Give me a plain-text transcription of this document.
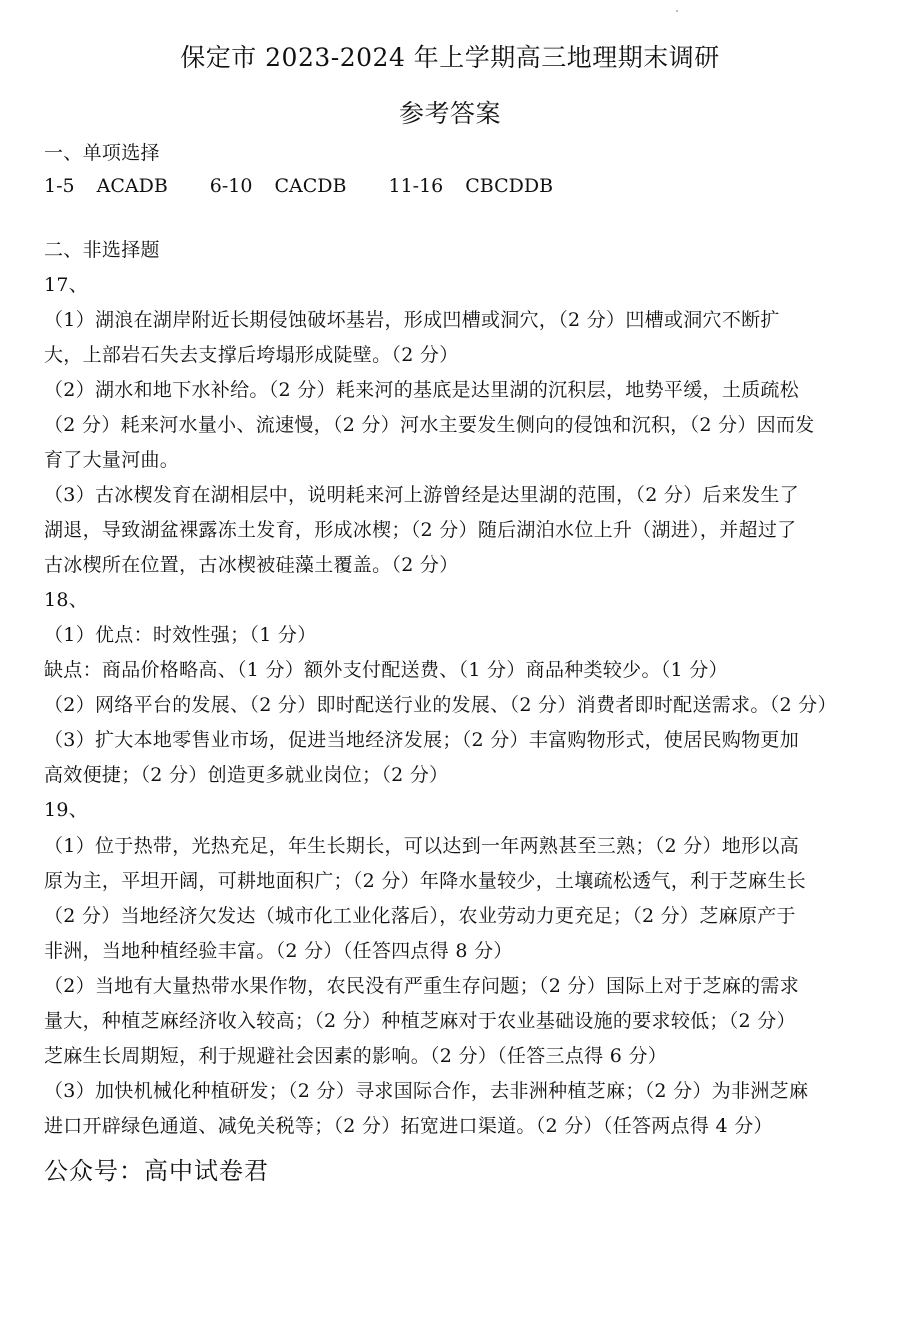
保定市 2023-2024 年上学期高三地理期末调研
参考答案
一、单项选择
1-5 ACADB 6-10 CACDB 11-16 CBCDDB
二、非选择题
17、
（1）湖浪在湖岸附近长期侵蚀破坏基岩，形成凹槽或洞穴，（2 分）凹槽或洞穴不断扩
大，上部岩石失去支撑后垮塌形成陡壁。（2 分）
（2）湖水和地下水补给。（2 分）耗来河的基底是达里湖的沉积层，地势平缓，土质疏松
（2 分）耗来河水量小、流速慢，（2 分）河水主要发生侧向的侵蚀和沉积，（2 分）因而发
育了大量河曲。
（3）古冰楔发育在湖相层中，说明耗来河上游曾经是达里湖的范围，（2 分）后来发生了
湖退，导致湖盆裸露冻土发育，形成冰楔；（2 分）随后湖泊水位上升（湖进），并超过了
古冰楔所在位置，古冰楔被硅藻土覆盖。（2 分）
18、
（1）优点：时效性强；（1 分）
缺点：商品价格略高、（1 分）额外支付配送费、（1 分）商品种类较少。（1 分）
（2）网络平台的发展、（2 分）即时配送行业的发展、（2 分）消费者即时配送需求。（2 分）
（3）扩大本地零售业市场，促进当地经济发展；（2 分）丰富购物形式，使居民购物更加
高效便捷；（2 分）创造更多就业岗位；（2 分）
19、
（1）位于热带，光热充足，年生长期长，可以达到一年两熟甚至三熟；（2 分）地形以高
原为主，平坦开阔，可耕地面积广；（2 分）年降水量较少，土壤疏松透气，利于芝麻生长
（2 分）当地经济欠发达（城市化工业化落后），农业劳动力更充足；（2 分）芝麻原产于
非洲，当地种植经验丰富。（2 分）（任答四点得 8 分）
（2）当地有大量热带水果作物，农民没有严重生存问题；（2 分）国际上对于芝麻的需求
量大，种植芝麻经济收入较高；（2 分）种植芝麻对于农业基础设施的要求较低；（2 分）
芝麻生长周期短，利于规避社会因素的影响。（2 分）（任答三点得 6 分）
（3）加快机械化种植研发；（2 分）寻求国际合作，去非洲种植芝麻；（2 分）为非洲芝麻
进口开辟绿色通道、减免关税等；（2 分）拓宽进口渠道。（2 分）（任答两点得 4 分）
公众号：高中试卷君
